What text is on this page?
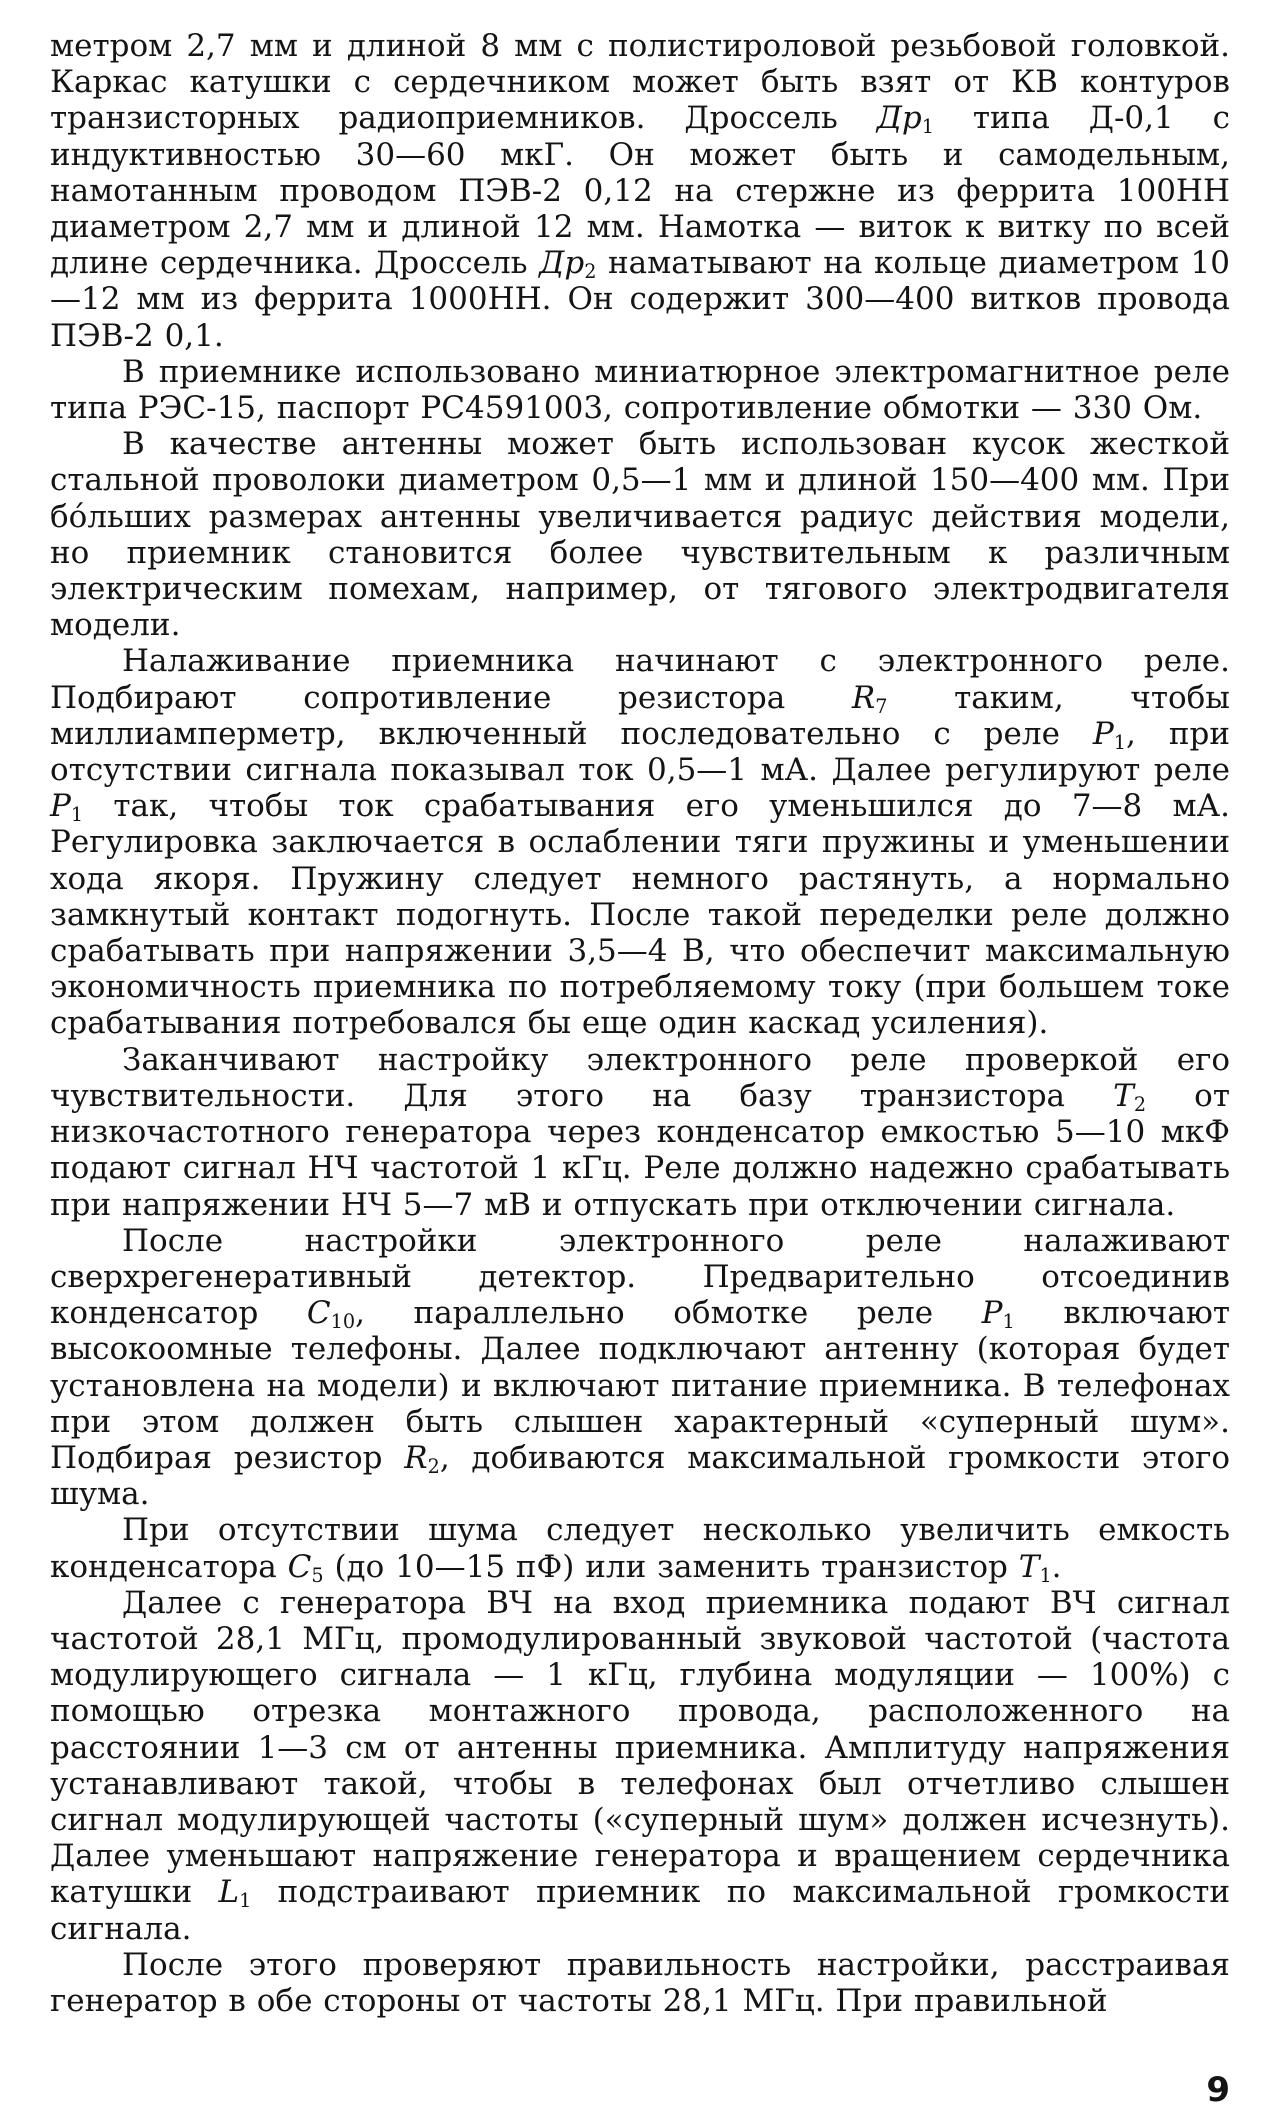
метром 2,7 мм и длиной 8 мм с полистироловой резьбовой головкой. Каркас катушки с сердечником может быть взят от КВ контуров транзисторных радиоприемников. Дроссель $Др_1$ типа Д-0,1 с индуктивностью 30—60 мкГ. Он может быть и самодельным, намотанным проводом ПЭВ-2 0,12 на стержне из феррита 100НН диаметром 2,7 мм и длиной 12 мм. Намотка — виток к витку по всей длине сердечника. Дроссель $Др_2$ наматывают на кольце диаметром 10—12 мм из феррита 1000НН. Он содержит 300—400 витков провода ПЭВ-2 0,1.

В приемнике использовано миниатюрное электромагнитное реле типа РЭС-15, паспорт РС4591003, сопротивление обмотки — 330 Ом.

В качестве антенны может быть использован кусок жесткой стальной проволоки диаметром 0,5—1 мм и длиной 150—400 мм. При бóльших размерах антенны увеличивается радиус действия модели, но приемник становится более чувствительным к различным электрическим помехам, например, от тягового электродвигателя модели.

Налаживание приемника начинают с электронного реле. Подбирают сопротивление резистора $R_7$ таким, чтобы миллиамперметр, включенный последовательно с реле $Р_1$, при отсутствии сигнала показывал ток 0,5—1 мА. Далее регулируют реле $Р_1$ так, чтобы ток срабатывания его уменьшился до 7—8 мА. Регулировка заключается в ослаблении тяги пружины и уменьшении хода якоря. Пружину следует немного растянуть, а нормально замкнутый контакт подогнуть. После такой переделки реле должно срабатывать при напряжении 3,5—4 В, что обеспечит максимальную экономичность приемника по потребляемому току (при большем токе срабатывания потребовался бы еще один каскад усиления).

Заканчивают настройку электронного реле проверкой его чувствительности. Для этого на базу транзистора $Т_2$ от низкочастотного генератора через конденсатор емкостью 5—10 мкФ подают сигнал НЧ частотой 1 кГц. Реле должно надежно срабатывать при напряжении НЧ 5—7 мВ и отпускать при отключении сигнала.

После настройки электронного реле налаживают сверхрегенеративный детектор. Предварительно отсоединив конденсатор $С_{10}$, параллельно обмотке реле $Р_1$ включают высокоомные телефоны. Далее подключают антенну (которая будет установлена на модели) и включают питание приемника. В телефонах при этом должен быть слышен характерный «суперный шум». Подбирая резистор $R_2$, добиваются максимальной громкости этого шума.

При отсутствии шума следует несколько увеличить емкость конденсатора $С_5$ (до 10—15 пФ) или заменить транзистор $Т_1$.

Далее с генератора ВЧ на вход приемника подают ВЧ сигнал частотой 28,1 МГц, промодулированный звуковой частотой (частота модулирующего сигнала — 1 кГц, глубина модуляции — 100%) с помощью отрезка монтажного провода, расположенного на расстоянии 1—3 см от антенны приемника. Амплитуду напряжения устанавливают такой, чтобы в телефонах был отчетливо слышен сигнал модулирующей частоты («суперный шум» должен исчезнуть). Далее уменьшают напряжение генератора и вращением сердечника катушки $L_1$ подстраивают приемник по максимальной громкости сигнала.

После этого проверяют правильность настройки, расстраивая генератор в обе стороны от частоты 28,1 МГц. При правильной

9
